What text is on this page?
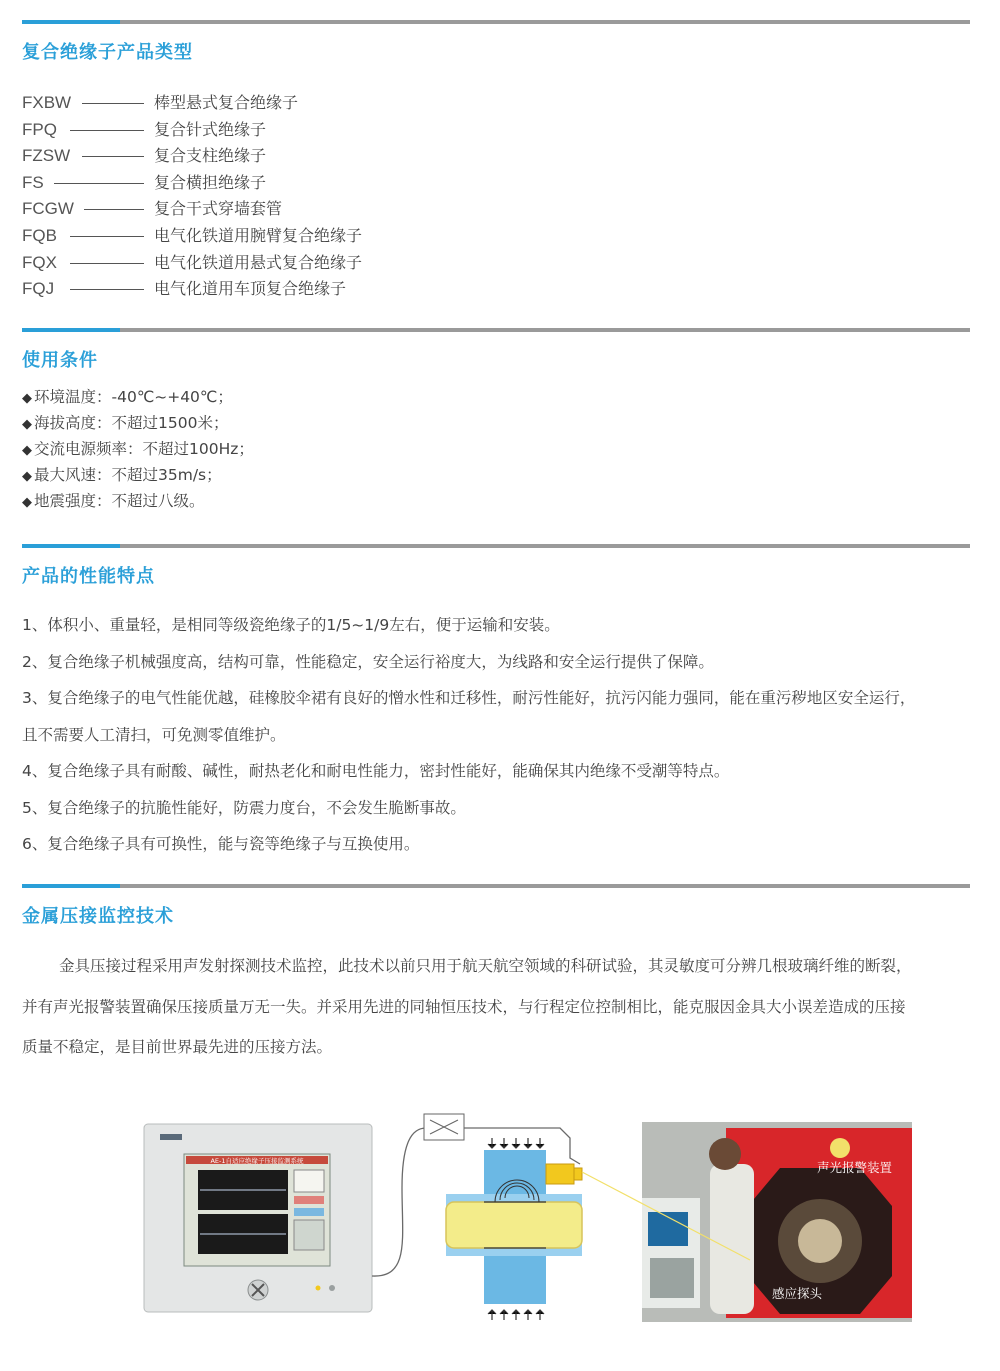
复合绝缘子产品类型
FXBW	棒型悬式复合绝缘子
FPQ	复合针式绝缘子
FZSW	复合支柱绝缘子
FS	复合横担绝缘子
FCGW	复合干式穿墙套管
FQB	电气化铁道用腕臂复合绝缘子
FQX	电气化铁道用悬式复合绝缘子
FQJ	电气化道用车顶复合绝缘子
使用条件
◆ 环境温度：-40℃~+40℃；
◆ 海拔高度：不超过1500米；
◆ 交流电源频率：不超过100Hz；
◆ 最大风速：不超过35m/s；
◆ 地震强度：不超过八级。
产品的性能特点
1、体积小、重量轻，是相同等级瓷绝缘子的1/5~1/9左右，便于运输和安装。
2、复合绝缘子机械强度高，结构可靠，性能稳定，安全运行裕度大，为线路和安全运行提供了保障。
3、复合绝缘子的电气性能优越，硅橡胶伞裙有良好的憎水性和迁移性，耐污性能好，抗污闪能力强同，能在重污秽地区安全运行，
且不需要人工清扫，可免测零值维护。
4、复合绝缘子具有耐酸、碱性，耐热老化和耐电性能力，密封性能好，能确保其内绝缘不受潮等特点。
5、复合绝缘子的抗脆性能好，防震力度台，不会发生脆断事故。
6、复合绝缘子具有可换性，能与瓷等绝缘子与互换使用。
金属压接监控技术
金具压接过程采用声发射探测技术监控，此技术以前只用于航天航空领域的科研试验，其灵敏度可分辨几根玻璃纤维的断裂，
并有声光报警装置确保压接质量万无一失。并采用先进的同轴恒压技术，与行程定位控制相比，能克服因金具大小误差造成的压接
质量不稳定，是目前世界最先进的压接方法。
AE-1自适应绝缘子压接监测系统	声光报警装置
感应探头
